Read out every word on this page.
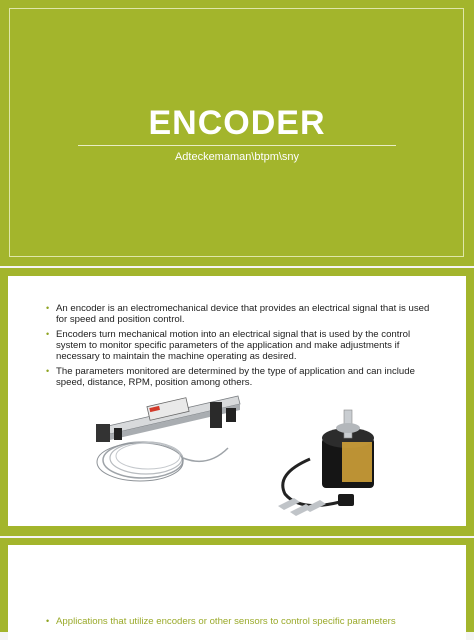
ENCODER
Adteckemaman\btpm\sny
• An encoder is an electromechanical device that provides an electrical signal that is used for speed and position control.
• Encoders turn mechanical motion into an electrical signal that is used by the control system to monitor specific parameters of the application and make adjustments if necessary to maintain the machine operating as desired.
• The parameters monitored are determined by the type of application and can include speed, distance, RPM, position among others.
• Applications that utilize encoders or other sensors to control specific parameters
